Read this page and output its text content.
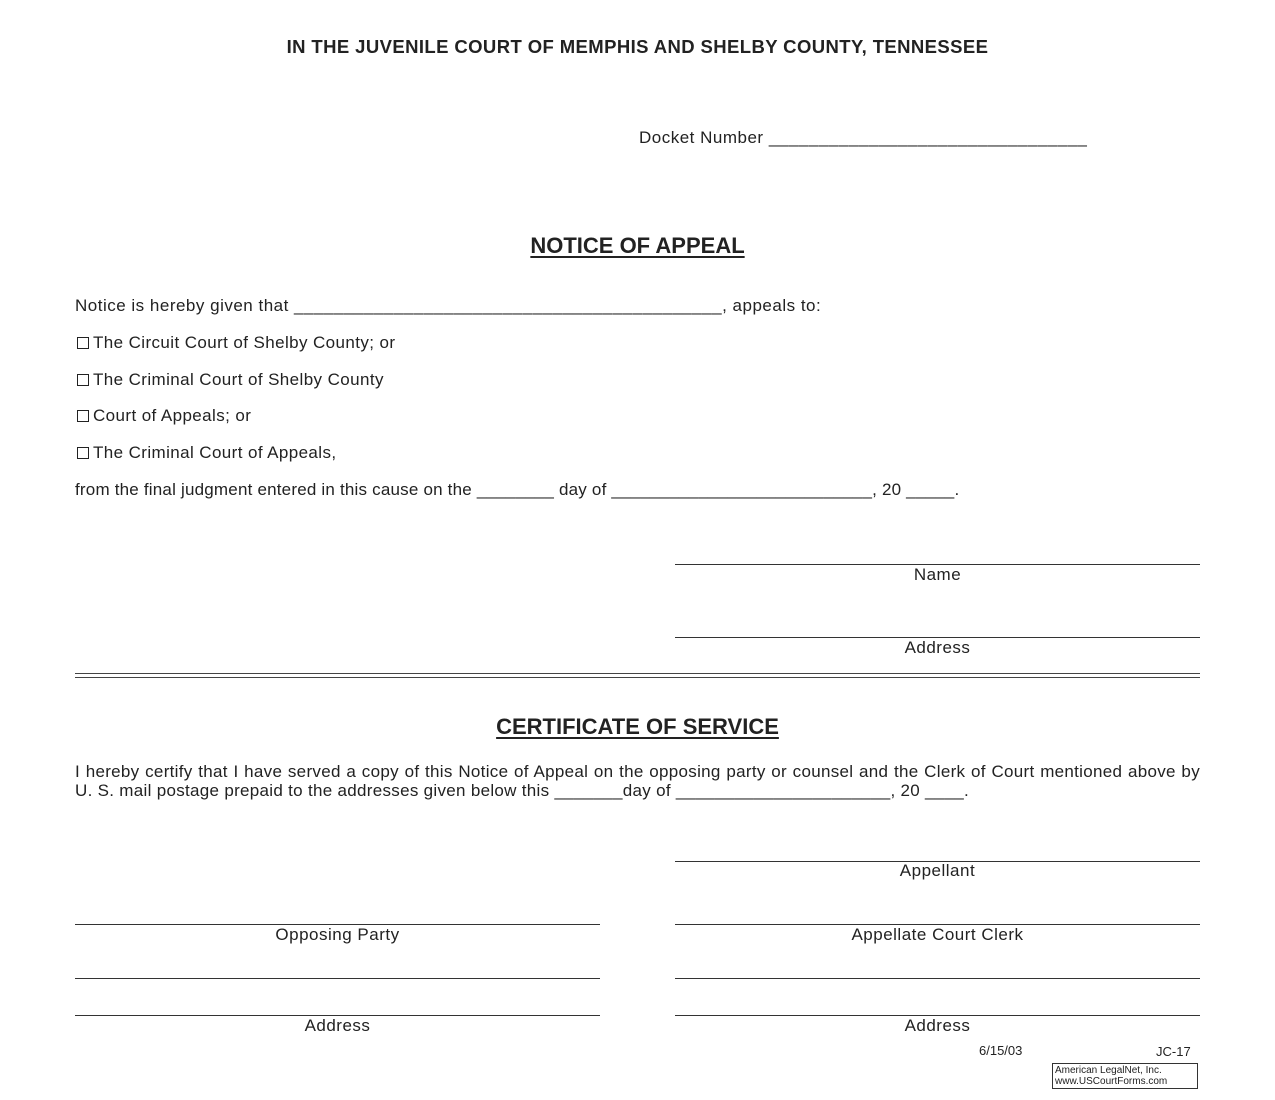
IN THE JUVENILE COURT OF MEMPHIS AND SHELBY COUNTY, TENNESSEE
Docket Number ________________________________
NOTICE OF APPEAL
Notice is hereby given that ___________________________________________, appeals to:
The Circuit Court of Shelby County; or
The Criminal Court of Shelby County
Court of Appeals; or
The Criminal Court of Appeals,
from the final judgment entered in this cause on the ________ day of ___________________________, 20 _____.
Name
Address
CERTIFICATE OF SERVICE
I hereby certify that I have served a copy of this Notice of Appeal on the opposing party or counsel and the Clerk of Court mentioned above by U. S. mail postage prepaid to the addresses given below this _______day of ______________________, 20 ____.
Appellant
Opposing Party	Appellate Court Clerk
Address	Address
6/15/03	JC-17
American LegalNet, Inc.
www.USCourtForms.com
